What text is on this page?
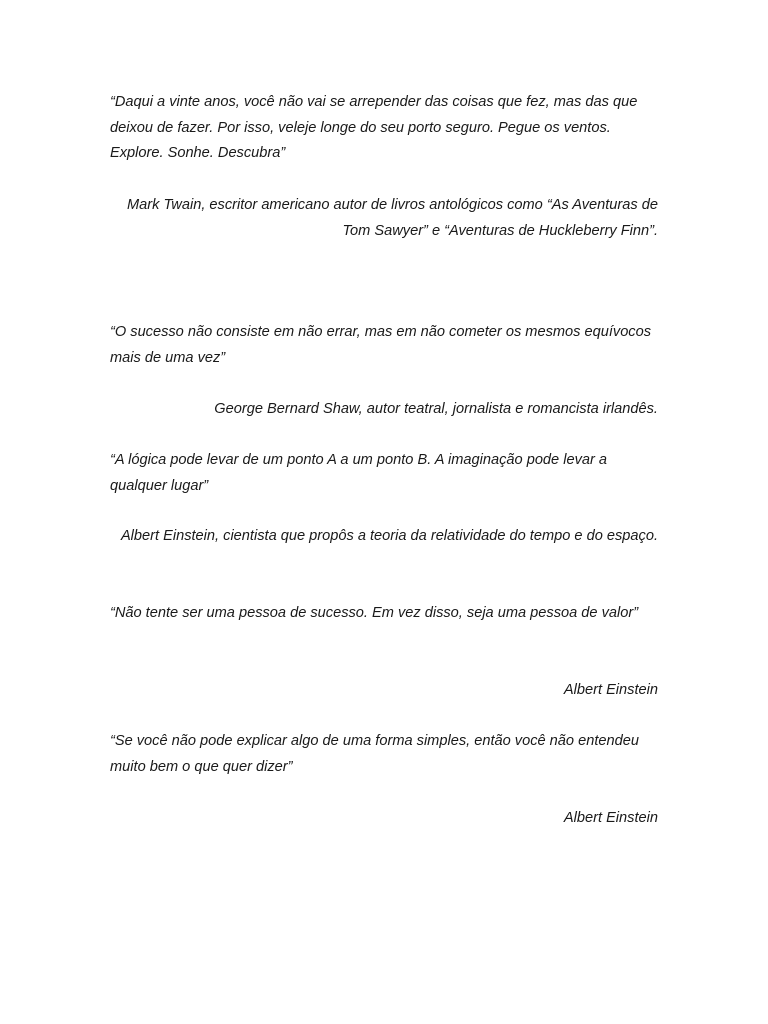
“Daqui a vinte anos, você não vai se arrepender das coisas que fez, mas das que deixou de fazer. Por isso, veleje longe do seu porto seguro. Pegue os ventos. Explore. Sonhe. Descubra”

Mark Twain, escritor americano autor de livros antológicos como “As Aventuras de Tom Sawyer” e “Aventuras de Huckleberry Finn”.

“O sucesso não consiste em não errar, mas em não cometer os mesmos equívocos mais de uma vez”

George Bernard Shaw, autor teatral, jornalista e romancista irlandês.

“A lógica pode levar de um ponto A a um ponto B. A imaginação pode levar a qualquer lugar”

Albert Einstein, cientista que propôs a teoria da relatividade do tempo e do espaço.

“Não tente ser uma pessoa de sucesso. Em vez disso, seja uma pessoa de valor”

Albert Einstein

“Se você não pode explicar algo de uma forma simples, então você não entendeu muito bem o que quer dizer”

Albert Einstein
